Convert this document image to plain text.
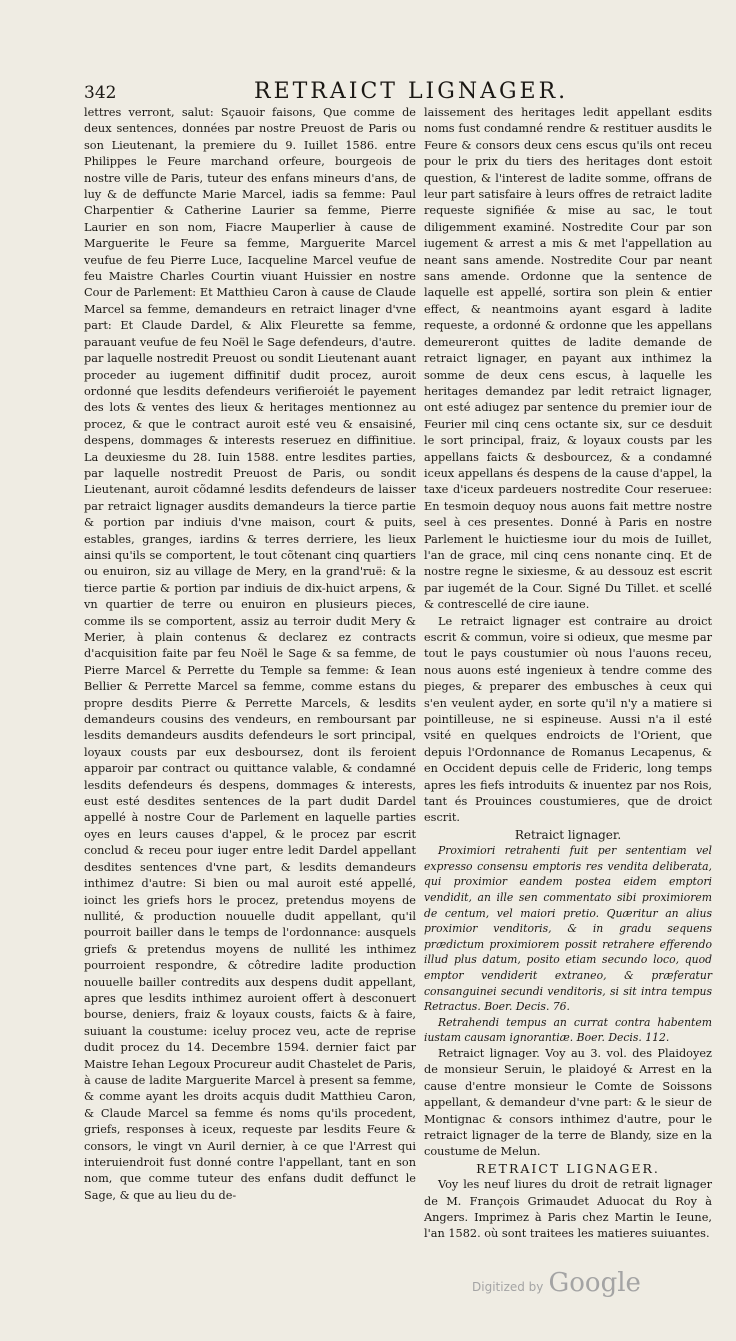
342	RETRAICT LIGNAGER.

lettres verront, salut: Sçauoir faisons, Que comme de deux sentences, données par nostre Preuost de Paris ou son Lieutenant, la premiere du 9. Iuillet 1586. entre Philippes le Feure marchand orfeure, bourgeois de nostre ville de Paris, tuteur des enfans mineurs d'ans, de luy & de deffuncte Marie Marcel, iadis sa femme: Paul Charpentier & Catherine Laurier sa femme, Pierre Laurier en son nom, Fiacre Mauperlier à cause de Marguerite le Feure sa femme, Marguerite Marcel veufue de feu Pierre Luce, Iacqueline Marcel veufue de feu Maistre Charles Courtin viuant Huissier en nostre Cour de Parlement: Et Matthieu Caron à cause de Claude Marcel sa femme, demandeurs en retraict linager d'vne part: Et Claude Dardel, & Alix Fleurette sa femme, parauant veufue de feu Noël le Sage defendeurs, d'autre. par laquelle nostredit Preuost ou sondit Lieutenant auant proceder au iugement diffinitif dudit procez, auroit ordonné que lesdits defendeurs verifieroiét le payement des lots & ventes des lieux & heritages mentionnez au procez, & que le contract auroit esté veu & ensaisiné, despens, dommages & interests reseruez en diffinitiue. La deuxiesme du 28. Iuin 1588. entre lesdites parties, par laquelle nostredit Preuost de Paris, ou sondit Lieutenant, auroit cõdamné lesdits defendeurs de laisser par retraict lignager ausdits demandeurs la tierce partie & portion par indiuis d'vne maison, court & puits, estables, granges, iardins & terres derriere, les lieux ainsi qu'ils se comportent, le tout cõtenant cinq quartiers ou enuiron, siz au village de Mery, en la grand'ruë: & la tierce partie & portion par indiuis de dix-huict arpens, & vn quartier de terre ou enuiron en plusieurs pieces, comme ils se comportent, assiz au terroir dudit Mery & Merier, à plain contenus & declarez ez contracts d'acquisition faite par feu Noël le Sage & sa femme, de Pierre Marcel & Perrette du Temple sa femme: & Iean Bellier & Perrette Marcel sa femme, comme estans du propre desdits Pierre & Perrette Marcels, & lesdits demandeurs cousins des vendeurs, en remboursant par lesdits demandeurs ausdits defendeurs le sort principal, loyaux cousts par eux desboursez, dont ils feroient apparoir par contract ou quittance valable, & condamné lesdits defendeurs és despens, dommages & interests, eust esté desdites sentences de la part dudit Dardel appellé à nostre Cour de Parlement en laquelle parties oyes en leurs causes d'appel, & le procez par escrit conclud & receu pour iuger entre ledit Dardel appellant desdites sentences d'vne part, & lesdits demandeurs inthimez d'autre: Si bien ou mal auroit esté appellé, ioinct les griefs hors le procez, pretendus moyens de nullité, & production nouuelle dudit appellant, qu'il pourroit bailler dans le temps de l'ordonnance: ausquels griefs & pretendus moyens de nullité les inthimez pourroient respondre, & côtredire ladite production nouuelle bailler contredits aux despens dudit appellant, apres que lesdits inthimez auroient offert à desconuert bourse, deniers, fraiz & loyaux cousts, faicts & à faire, suiuant la coustume: iceluy procez veu, acte de reprise dudit procez du 14. Decembre 1594. dernier faict par Maistre Iehan Legoux Procureur audit Chastelet de Paris, à cause de ladite Marguerite Marcel à present sa femme, & comme ayant les droits acquis dudit Matthieu Caron, & Claude Marcel sa femme és noms qu'ils procedent, griefs, responses à iceux, requeste par lesdits Feure & consors, le vingt vn Auril dernier, à ce que l'Arrest qui interuiendroit fust donné contre l'appellant, tant en son nom, que comme tuteur des enfans dudit deffunct le Sage, & que au lieu du de-

laissement des heritages ledit appellant esdits noms fust condamné rendre & restituer ausdits le Feure & consors deux cens escus qu'ils ont receu pour le prix du tiers des heritages dont estoit question, & l'interest de ladite somme, offrans de leur part satisfaire à leurs offres de retraict ladite requeste signifiée & mise au sac, le tout diligemment examiné. Nostredite Cour par son iugement & arrest a mis & met l'appellation au neant sans amende. Nostredite Cour par neant sans amende. Ordonne que la sentence de laquelle est appellé, sortira son plein & entier effect, & neantmoins ayant esgard à ladite requeste, a ordonné & ordonne que les appellans demeureront quittes de ladite demande de retraict lignager, en payant aux inthimez la somme de deux cens escus, à laquelle les heritages demandez par ledit retraict lignager, ont esté adiugez par sentence du premier iour de Feurier mil cinq cens octante six, sur ce desduit le sort principal, fraiz, & loyaux cousts par les appellans faicts & desbourcez, & a condamné iceux appellans és despens de la cause d'appel, la taxe d'iceux pardeuers nostredite Cour reseruee: En tesmoin dequoy nous auons fait mettre nostre seel à ces presentes. Donné à Paris en nostre Parlement le huictiesme iour du mois de Iuillet, l'an de grace, mil cinq cens nonante cinq. Et de nostre regne le sixiesme, & au dessouz est escrit par iugemét de la Cour. Signé Du Tillet. et scellé & contrescellé de cire iaune.

Le retraict lignager est contraire au droict escrit & commun, voire si odieux, que mesme par tout le pays coustumier où nous l'auons receu, nous auons esté ingenieux à tendre comme des pieges, & preparer des embusches à ceux qui s'en veulent ayder, en sorte qu'il n'y a matiere si pointilleuse, ne si espineuse. Aussi n'a il esté vsité en quelques endroicts de l'Orient, que depuis l'Ordonnance de Romanus Lecapenus, & en Occident depuis celle de Frideric, long temps apres les fiefs introduits & inuentez par nos Rois, tant és Prouinces coustumieres, que de droict escrit.

Retraict lignager.

Proximiori retrahenti fuit per sententiam vel expresso consensu emptoris res vendita deliberata, qui proximior eandem postea eidem emptori vendidit, an ille sen commentato sibi proximiorem de centum, vel maiori pretio. Quæritur an alius proximior venditoris, & in gradu sequens prædictum proximiorem possit retrahere efferendo illud plus datum, posito etiam secundo loco, quod emptor vendiderit extraneo, & præferatur consanguinei secundi venditoris, si sit intra tempus Retractus. Boer. Decis. 76.

Retrahendi tempus an currat contra habentem iustam causam ignorantiæ. Boer. Decis. 112.

Retraict lignager. Voy au 3. vol. des Plaidoyez de monsieur Seruin, le plaidoyé & Arrest en la cause d'entre monsieur le Comte de Soissons appellant, & demandeur d'vne part: & le sieur de Montignac & consors inthimez d'autre, pour le retraict lignager de la terre de Blandy, size en la coustume de Melun.

RETRAICT LIGNAGER.

Voy les neuf liures du droit de retrait lignager de M. François Grimaudet Aduocat du Roy à Angers. Imprimez à Paris chez Martin le Ieune, l'an 1582. où sont traitees les matieres suiuantes.

Digitized by Google
